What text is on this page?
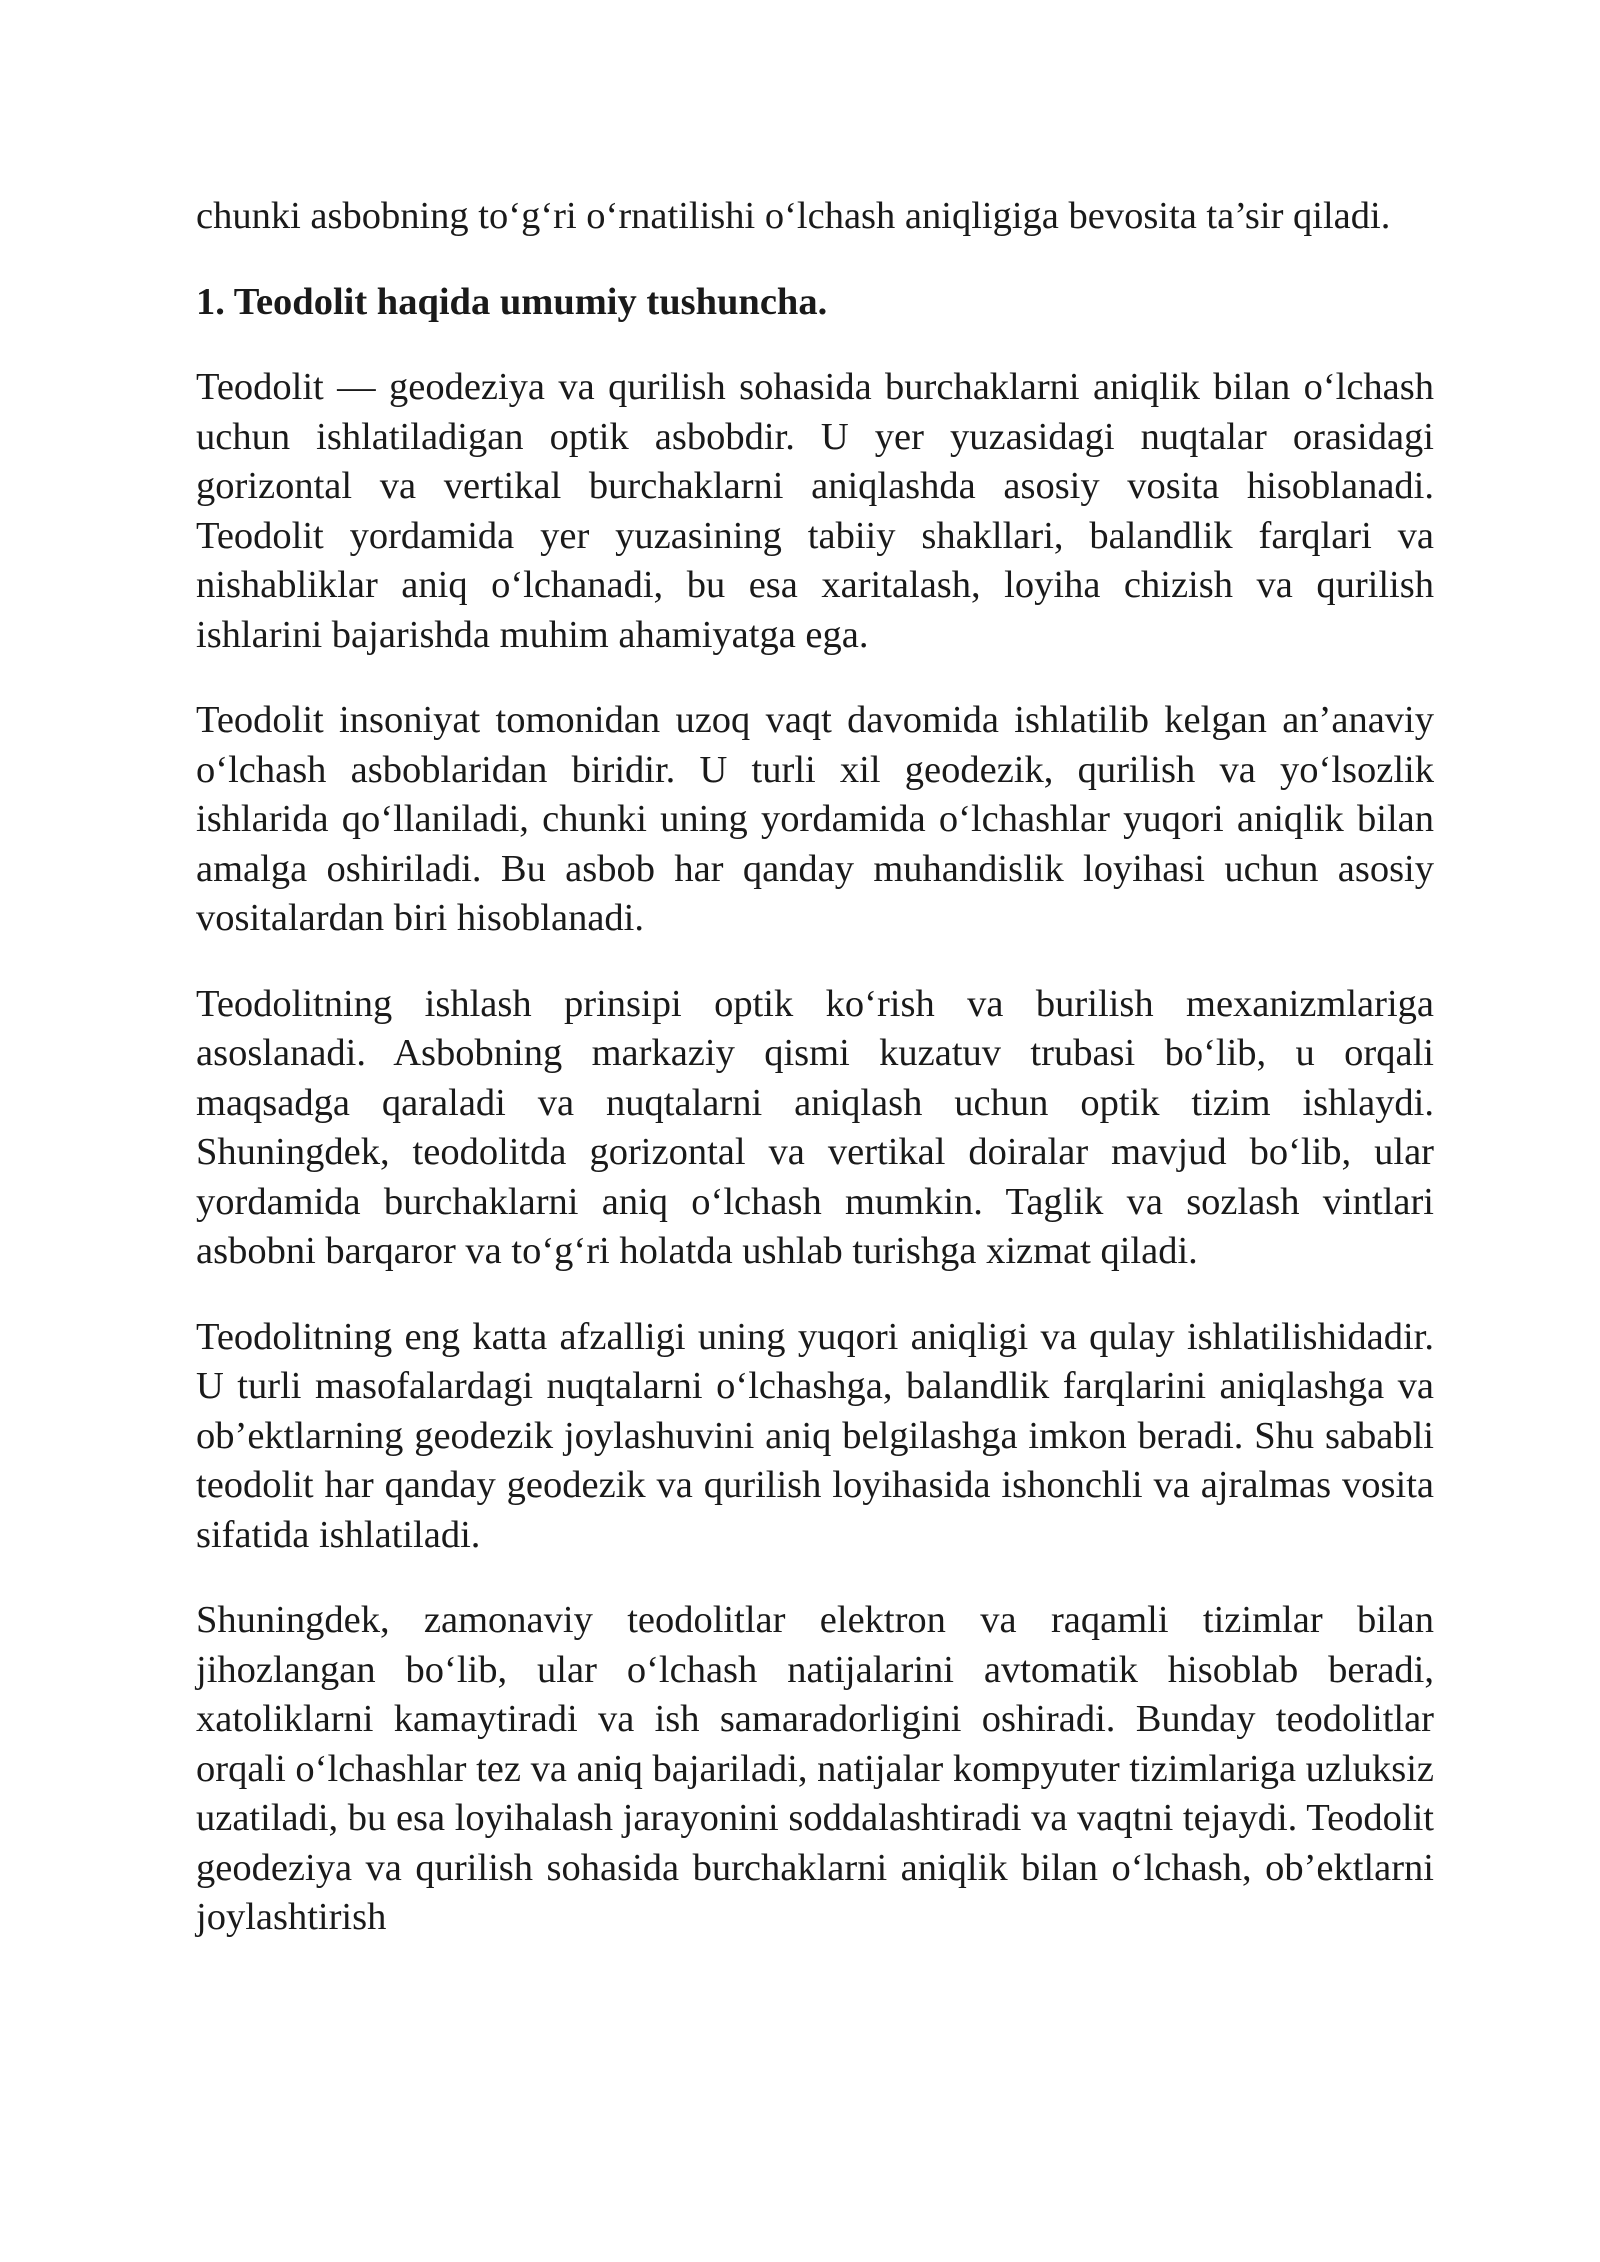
chunki asbobning to‘g‘ri o‘rnatilishi o‘lchash aniqligiga bevosita ta’sir qiladi.

1. Teodolit haqida umumiy tushuncha.

Teodolit — geodeziya va qurilish sohasida burchaklarni aniqlik bilan o‘lchash uchun ishlatiladigan optik asbobdir. U yer yuzasidagi nuqtalar orasidagi gorizontal va vertikal burchaklarni aniqlashda asosiy vosita hisoblanadi. Teodolit yordamida yer yuzasining tabiiy shakllari, balandlik farqlari va nishabliklar aniq o‘lchanadi, bu esa xaritalash, loyiha chizish va qurilish ishlarini bajarishda muhim ahamiyatga ega.

Teodolit insoniyat tomonidan uzoq vaqt davomida ishlatilib kelgan an’anaviy o‘lchash asboblaridan biridir. U turli xil geodezik, qurilish va yo‘lsozlik ishlarida qo‘llaniladi, chunki uning yordamida o‘lchashlar yuqori aniqlik bilan amalga oshiriladi. Bu asbob har qanday muhandislik loyihasi uchun asosiy vositalardan biri hisoblanadi.

Teodolitning ishlash prinsipi optik ko‘rish va burilish mexanizmlariga asoslanadi. Asbobning markaziy qismi kuzatuv trubasi bo‘lib, u orqali maqsadga qaraladi va nuqtalarni aniqlash uchun optik tizim ishlaydi. Shuningdek, teodolitda gorizontal va vertikal doiralar mavjud bo‘lib, ular yordamida burchaklarni aniq o‘lchash mumkin. Taglik va sozlash vintlari asbobni barqaror va to‘g‘ri holatda ushlab turishga xizmat qiladi.

Teodolitning eng katta afzalligi uning yuqori aniqligi va qulay ishlatilishidadir. U turli masofalardagi nuqtalarni o‘lchashga, balandlik farqlarini aniqlashga va ob’ektlarning geodezik joylashuvini aniq belgilashga imkon beradi. Shu sababli teodolit har qanday geodezik va qurilish loyihasida ishonchli va ajralmas vosita sifatida ishlatiladi.

Shuningdek, zamonaviy teodolitlar elektron va raqamli tizimlar bilan jihozlangan bo‘lib, ular o‘lchash natijalarini avtomatik hisoblab beradi, xatoliklarni kamaytiradi va ish samaradorligini oshiradi. Bunday teodolitlar orqali o‘lchashlar tez va aniq bajariladi, natijalar kompyuter tizimlariga uzluksiz uzatiladi, bu esa loyihalash jarayonini soddalashtiradi va vaqtni tejaydi. Teodolit geodeziya va qurilish sohasida burchaklarni aniqlik bilan o‘lchash, ob’ektlarni joylashtirish
